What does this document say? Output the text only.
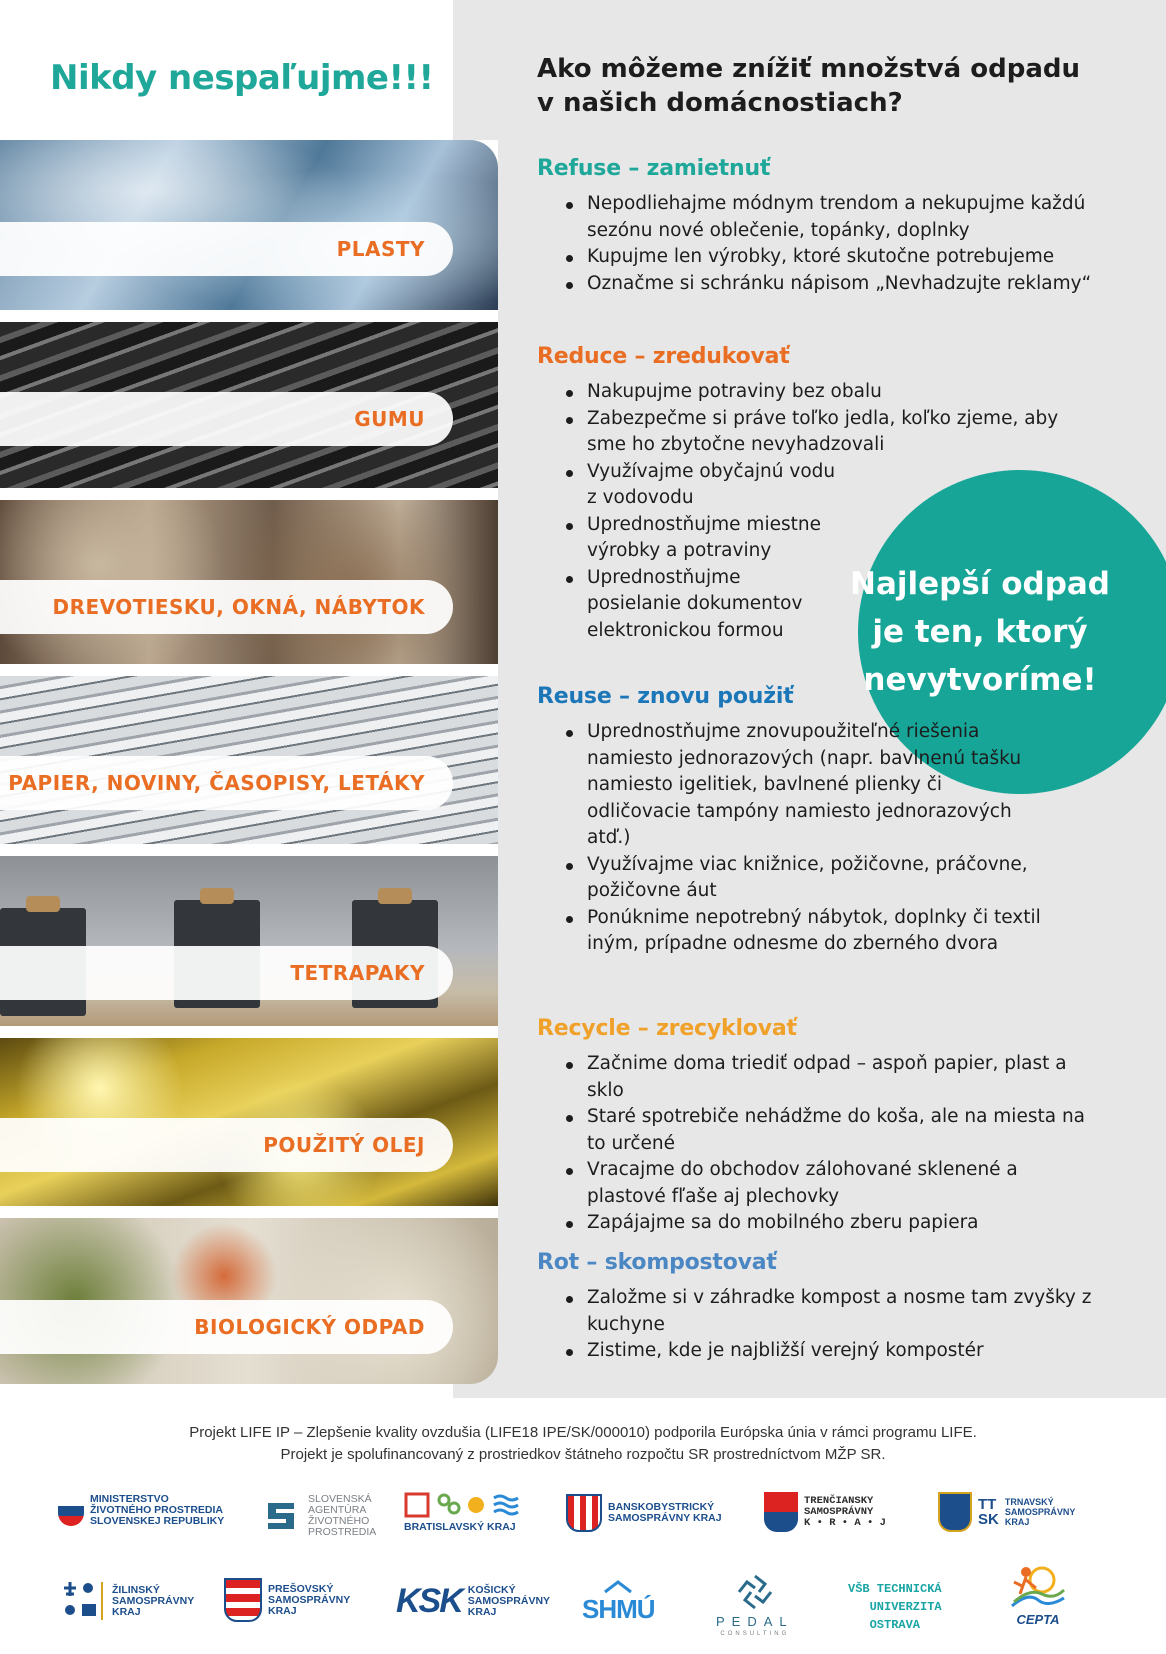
Nikdy nespaľujme!!!	Ako môžeme znížiť množstvá odpadu v našich domácnostiach?
PLASTY
GUMU
DREVOTIESKU, OKNÁ, NÁBYTOK
PAPIER, NOVINY, ČASOPISY, LETÁKY
TETRAPAKY
POUŽITÝ OLEJ
BIOLOGICKÝ ODPAD
Refuse – zamietnuť
Nepodliehajme módnym trendom a nekupujme každú sezónu nové oblečenie, topánky, doplnky
Kupujme len výrobky, ktoré skutočne potrebujeme
Označme si schránku nápisom „Nevhadzujte reklamy“
Reduce – zredukovať
Nakupujme potraviny bez obalu
Zabezpečme si práve toľko jedla, koľko zjeme, aby sme ho zbytočne nevyhadzovali
Využívajme obyčajnú vodu z vodovodu
Uprednostňujme miestne výrobky a potraviny
Uprednostňujme posielanie dokumentov elektronickou formou
Najlepší odpad
je ten, ktorý
nevytvoríme!
Reuse – znovu použiť
Uprednostňujme znovupoužiteľné riešenia namiesto jednorazových (napr. bavlnenú tašku namiesto igelitiek, bavlnené plienky či odličovacie tampóny namiesto jednorazových atď.)
Využívajme viac knižnice, požičovne, práčovne, požičovne áut
Ponúknime nepotrebný nábytok, doplnky či textil iným, prípadne odnesme do zberného dvora
Recycle – zrecyklovať
Začnime doma triediť odpad – aspoň papier, plast a sklo
Staré spotrebiče nehádžme do koša, ale na miesta na to určené
Vracajme do obchodov zálohované sklenené a plastové fľaše aj plechovky
Zapájajme sa do mobilného zberu papiera
Rot – skompostovať
Založme si v záhradke kompost a nosme tam zvyšky z kuchyne
Zistime, kde je najbližší verejný kompostér
Projekt LIFE IP – Zlepšenie kvality ovzdušia (LIFE18 IPE/SK/000010) podporila Európska únia v rámci programu LIFE.
Projekt je spolufinancovaný z prostriedkov štátneho rozpočtu SR prostredníctvom MŽP SR.
MINISTERSTVO
ŽIVOTNÉHO PROSTREDIA
SLOVENSKEJ REPUBLIKY
SLOVENSKÁ
AGENTÚRA
ŽIVOTNÉHO
PROSTREDIA	BRATISLAVSKÝ KRAJ
BANSKOBYSTRICKÝ
SAMOSPRÁVNY KRAJ
TRENČIANSKY
SAMOSPRÁVNY
K • R • A • J
TT
SK
TRNAVSKÝ
SAMOSPRÁVNY
KRAJ
ŽILINSKÝ
SAMOSPRÁVNY
KRAJ
PREŠOVSKÝ
SAMOSPRÁVNY
KRAJ	KSK KOŠICKÝ
SAMOSPRÁVNY
KRAJ	SHMÚ	PEDAL
CONSULTING
VŠB TECHNICKÁ
UNIVERZITA
OSTRAVA	CEPTA
